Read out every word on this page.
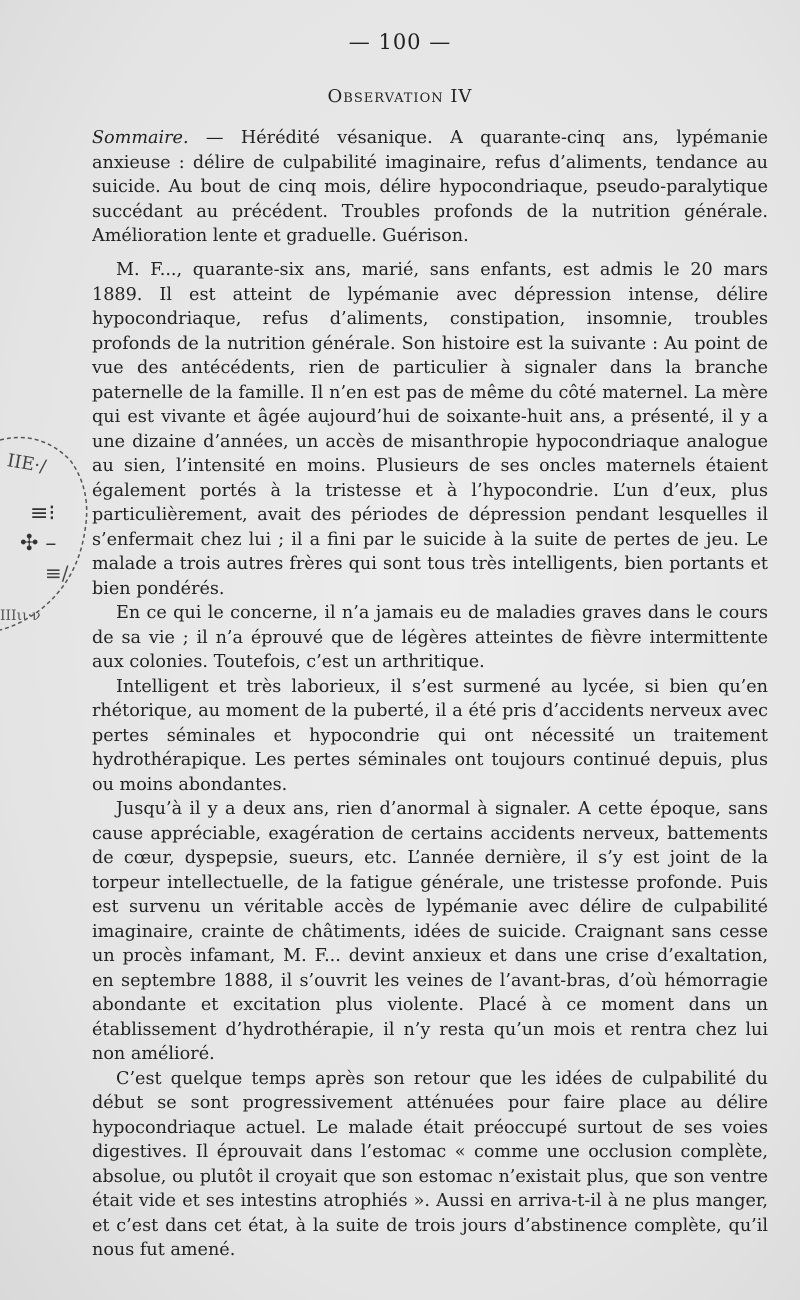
— 100 —
Observation IV
Sommaire. — Hérédité vésanique. A quarante-cinq ans, lypémanie anxieuse : délire de culpabilité imaginaire, refus d’aliments, tendance au suicide. Au bout de cinq mois, délire hypocondriaque, pseudo-paralytique succédant au précédent. Troubles profonds de la nutrition générale. Amélioration lente et graduelle. Guérison.

M. F..., quarante-six ans, marié, sans enfants, est admis le 20 mars 1889. Il est atteint de lypémanie avec dépression intense, délire hypocondriaque, refus d’aliments, constipation, insomnie, troubles profonds de la nutrition générale. Son histoire est la suivante : Au point de vue des antécédents, rien de particulier à signaler dans la branche paternelle de la famille. Il n’en est pas de même du côté maternel. La mère qui est vivante et âgée aujourd’hui de soixante-huit ans, a présenté, il y a une dizaine d’années, un accès de misanthropie hypocondriaque analogue au sien, l’intensité en moins. Plusieurs de ses oncles maternels étaient également portés à la tristesse et à l’hypocondrie. L’un d’eux, plus particulièrement, avait des périodes de dépression pendant lesquelles il s’enfermait chez lui ; il a fini par le suicide à la suite de pertes de jeu. Le malade a trois autres frères qui sont tous très intelligents, bien portants et bien pondérés.

En ce qui le concerne, il n’a jamais eu de maladies graves dans le cours de sa vie ; il n’a éprouvé que de légères atteintes de fièvre intermittente aux colonies. Toutefois, c’est un arthritique.

Intelligent et très laborieux, il s’est surmené au lycée, si bien qu’en rhétorique, au moment de la puberté, il a été pris d’accidents nerveux avec pertes séminales et hypocondrie qui ont nécessité un traitement hydrothérapique. Les pertes séminales ont toujours continué depuis, plus ou moins abondantes.

Jusqu’à il y a deux ans, rien d’anormal à signaler. A cette époque, sans cause appréciable, exagération de certains accidents nerveux, battements de cœur, dyspepsie, sueurs, etc. L’année dernière, il s’y est joint de la torpeur intellectuelle, de la fatigue générale, une tristesse profonde. Puis est survenu un véritable accès de lypémanie avec délire de culpabilité imaginaire, crainte de châtiments, idées de suicide. Craignant sans cesse un procès infamant, M. F... devint anxieux et dans une crise d’exaltation, en septembre 1888, il s’ouvrit les veines de l’avant-bras, d’où hémorragie abondante et excitation plus violente. Placé à ce moment dans un établissement d’hydrothérapie, il n’y resta qu’un mois et rentra chez lui non amélioré.

C’est quelque temps après son retour que les idées de culpabilité du début se sont progressivement atténuées pour faire place au délire hypocondriaque actuel. Le malade était préoccupé surtout de ses voies digestives. Il éprouvait dans l’estomac « comme une occlusion complète, absolue, ou plutôt il croyait que son estomac n’existait plus, que son ventre était vide et ses intestins atrophiés ». Aussi en arriva-t-il à ne plus manger, et c’est dans cet état, à la suite de trois jours d’abstinence complète, qu’il nous fut amené.

ΙΙΕ·/
≡⁝
✣ –
≡/
ΙΙΙιι·ν
